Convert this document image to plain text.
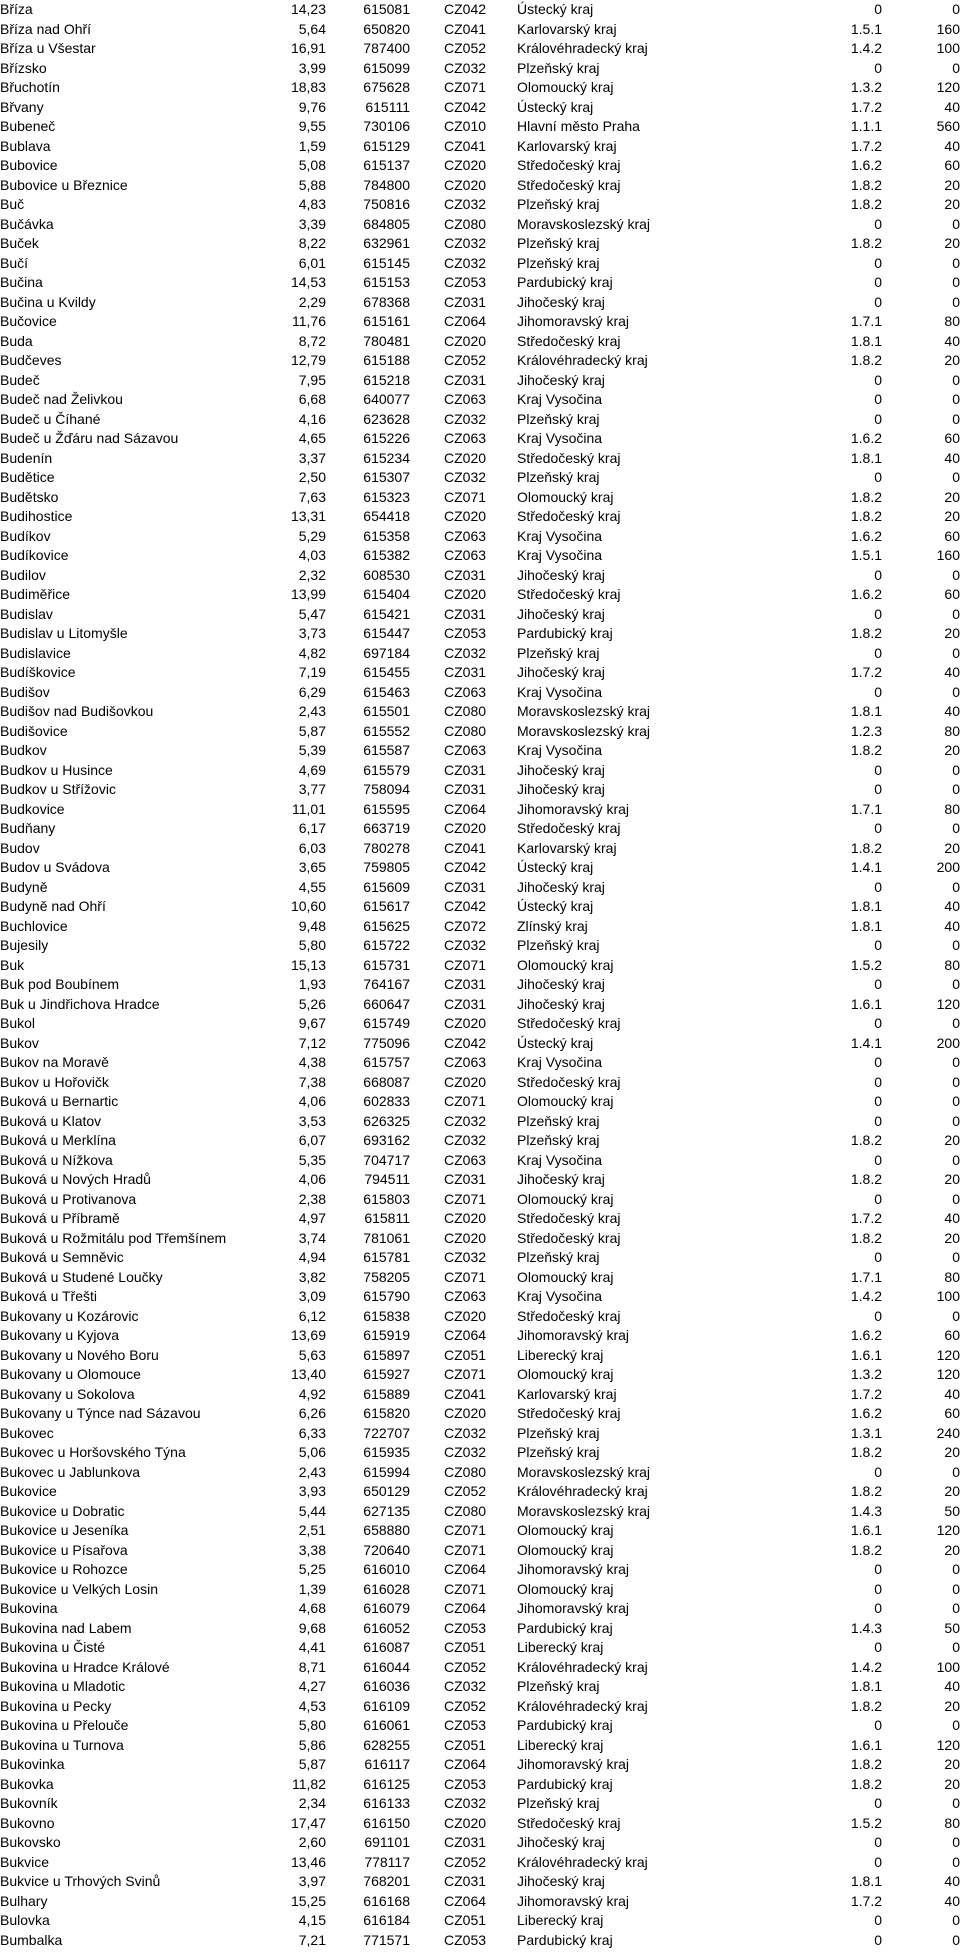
Bříza	14,23	615081	CZ042	Ústecký kraj	0	0
Bříza nad Ohří	5,64	650820	CZ041	Karlovarský kraj	1.5.1	160
Bříza u Všestar	16,91	787400	CZ052	Královéhradecký kraj	1.4.2	100
Břízsko	3,99	615099	CZ032	Plzeňský kraj	0	0
Břuchotín	18,83	675628	CZ071	Olomoucký kraj	1.3.2	120
Břvany	9,76	615111	CZ042	Ústecký kraj	1.7.2	40
Bubeneč	9,55	730106	CZ010	Hlavní město Praha	1.1.1	560
Bublava	1,59	615129	CZ041	Karlovarský kraj	1.7.2	40
Bubovice	5,08	615137	CZ020	Středočeský kraj	1.6.2	60
Bubovice u Březnice	5,88	784800	CZ020	Středočeský kraj	1.8.2	20
Buč	4,83	750816	CZ032	Plzeňský kraj	1.8.2	20
Bučávka	3,39	684805	CZ080	Moravskoslezský kraj	0	0
Buček	8,22	632961	CZ032	Plzeňský kraj	1.8.2	20
Bučí	6,01	615145	CZ032	Plzeňský kraj	0	0
Bučina	14,53	615153	CZ053	Pardubický kraj	0	0
Bučina u Kvildy	2,29	678368	CZ031	Jihočeský kraj	0	0
Bučovice	11,76	615161	CZ064	Jihomoravský kraj	1.7.1	80
Buda	8,72	780481	CZ020	Středočeský kraj	1.8.1	40
Budčeves	12,79	615188	CZ052	Královéhradecký kraj	1.8.2	20
Budeč	7,95	615218	CZ031	Jihočeský kraj	0	0
Budeč nad Želivkou	6,68	640077	CZ063	Kraj Vysočina	0	0
Budeč u Číhané	4,16	623628	CZ032	Plzeňský kraj	0	0
Budeč u Žďáru nad Sázavou	4,65	615226	CZ063	Kraj Vysočina	1.6.2	60
Budenín	3,37	615234	CZ020	Středočeský kraj	1.8.1	40
Budětice	2,50	615307	CZ032	Plzeňský kraj	0	0
Budětsko	7,63	615323	CZ071	Olomoucký kraj	1.8.2	20
Budihostice	13,31	654418	CZ020	Středočeský kraj	1.8.2	20
Budíkov	5,29	615358	CZ063	Kraj Vysočina	1.6.2	60
Budíkovice	4,03	615382	CZ063	Kraj Vysočina	1.5.1	160
Budilov	2,32	608530	CZ031	Jihočeský kraj	0	0
Budiměřice	13,99	615404	CZ020	Středočeský kraj	1.6.2	60
Budislav	5,47	615421	CZ031	Jihočeský kraj	0	0
Budislav u Litomyšle	3,73	615447	CZ053	Pardubický kraj	1.8.2	20
Budislavice	4,82	697184	CZ032	Plzeňský kraj	0	0
Budíškovice	7,19	615455	CZ031	Jihočeský kraj	1.7.2	40
Budišov	6,29	615463	CZ063	Kraj Vysočina	0	0
Budišov nad Budišovkou	2,43	615501	CZ080	Moravskoslezský kraj	1.8.1	40
Budišovice	5,87	615552	CZ080	Moravskoslezský kraj	1.2.3	80
Budkov	5,39	615587	CZ063	Kraj Vysočina	1.8.2	20
Budkov u Husince	4,69	615579	CZ031	Jihočeský kraj	0	0
Budkov u Střížovic	3,77	758094	CZ031	Jihočeský kraj	0	0
Budkovice	11,01	615595	CZ064	Jihomoravský kraj	1.7.1	80
Budňany	6,17	663719	CZ020	Středočeský kraj	0	0
Budov	6,03	780278	CZ041	Karlovarský kraj	1.8.2	20
Budov u Svádova	3,65	759805	CZ042	Ústecký kraj	1.4.1	200
Budyně	4,55	615609	CZ031	Jihočeský kraj	0	0
Budyně nad Ohří	10,60	615617	CZ042	Ústecký kraj	1.8.1	40
Buchlovice	9,48	615625	CZ072	Zlínský kraj	1.8.1	40
Bujesily	5,80	615722	CZ032	Plzeňský kraj	0	0
Buk	15,13	615731	CZ071	Olomoucký kraj	1.5.2	80
Buk pod Boubínem	1,93	764167	CZ031	Jihočeský kraj	0	0
Buk u Jindřichova Hradce	5,26	660647	CZ031	Jihočeský kraj	1.6.1	120
Bukol	9,67	615749	CZ020	Středočeský kraj	0	0
Bukov	7,12	775096	CZ042	Ústecký kraj	1.4.1	200
Bukov na Moravě	4,38	615757	CZ063	Kraj Vysočina	0	0
Bukov u Hořovičk	7,38	668087	CZ020	Středočeský kraj	0	0
Buková u Bernartic	4,06	602833	CZ071	Olomoucký kraj	0	0
Buková u Klatov	3,53	626325	CZ032	Plzeňský kraj	0	0
Buková u Merklína	6,07	693162	CZ032	Plzeňský kraj	1.8.2	20
Buková u Nížkova	5,35	704717	CZ063	Kraj Vysočina	0	0
Buková u Nových Hradů	4,06	794511	CZ031	Jihočeský kraj	1.8.2	20
Buková u Protivanova	2,38	615803	CZ071	Olomoucký kraj	0	0
Buková u Příbramě	4,97	615811	CZ020	Středočeský kraj	1.7.2	40
Buková u Rožmitálu pod Třemšínem	3,74	781061	CZ020	Středočeský kraj	1.8.2	20
Buková u Semněvic	4,94	615781	CZ032	Plzeňský kraj	0	0
Buková u Studené Loučky	3,82	758205	CZ071	Olomoucký kraj	1.7.1	80
Buková u Třešti	3,09	615790	CZ063	Kraj Vysočina	1.4.2	100
Bukovany u Kozárovic	6,12	615838	CZ020	Středočeský kraj	0	0
Bukovany u Kyjova	13,69	615919	CZ064	Jihomoravský kraj	1.6.2	60
Bukovany u Nového Boru	5,63	615897	CZ051	Liberecký kraj	1.6.1	120
Bukovany u Olomouce	13,40	615927	CZ071	Olomoucký kraj	1.3.2	120
Bukovany u Sokolova	4,92	615889	CZ041	Karlovarský kraj	1.7.2	40
Bukovany u Týnce nad Sázavou	6,26	615820	CZ020	Středočeský kraj	1.6.2	60
Bukovec	6,33	722707	CZ032	Plzeňský kraj	1.3.1	240
Bukovec u Horšovského Týna	5,06	615935	CZ032	Plzeňský kraj	1.8.2	20
Bukovec u Jablunkova	2,43	615994	CZ080	Moravskoslezský kraj	0	0
Bukovice	3,93	650129	CZ052	Královéhradecký kraj	1.8.2	20
Bukovice u Dobratic	5,44	627135	CZ080	Moravskoslezský kraj	1.4.3	50
Bukovice u Jeseníka	2,51	658880	CZ071	Olomoucký kraj	1.6.1	120
Bukovice u Písařova	3,38	720640	CZ071	Olomoucký kraj	1.8.2	20
Bukovice u Rohozce	5,25	616010	CZ064	Jihomoravský kraj	0	0
Bukovice u Velkých Losin	1,39	616028	CZ071	Olomoucký kraj	0	0
Bukovina	4,68	616079	CZ064	Jihomoravský kraj	0	0
Bukovina nad Labem	9,68	616052	CZ053	Pardubický kraj	1.4.3	50
Bukovina u Čisté	4,41	616087	CZ051	Liberecký kraj	0	0
Bukovina u Hradce Králové	8,71	616044	CZ052	Královéhradecký kraj	1.4.2	100
Bukovina u Mladotic	4,27	616036	CZ032	Plzeňský kraj	1.8.1	40
Bukovina u Pecky	4,53	616109	CZ052	Královéhradecký kraj	1.8.2	20
Bukovina u Přelouče	5,80	616061	CZ053	Pardubický kraj	0	0
Bukovina u Turnova	5,86	628255	CZ051	Liberecký kraj	1.6.1	120
Bukovinka	5,87	616117	CZ064	Jihomoravský kraj	1.8.2	20
Bukovka	11,82	616125	CZ053	Pardubický kraj	1.8.2	20
Bukovník	2,34	616133	CZ032	Plzeňský kraj	0	0
Bukovno	17,47	616150	CZ020	Středočeský kraj	1.5.2	80
Bukovsko	2,60	691101	CZ031	Jihočeský kraj	0	0
Bukvice	13,46	778117	CZ052	Královéhradecký kraj	0	0
Bukvice u Trhových Svinů	3,97	768201	CZ031	Jihočeský kraj	1.8.1	40
Bulhary	15,25	616168	CZ064	Jihomoravský kraj	1.7.2	40
Bulovka	4,15	616184	CZ051	Liberecký kraj	0	0
Bumbalka	7,21	771571	CZ053	Pardubický kraj	0	0
